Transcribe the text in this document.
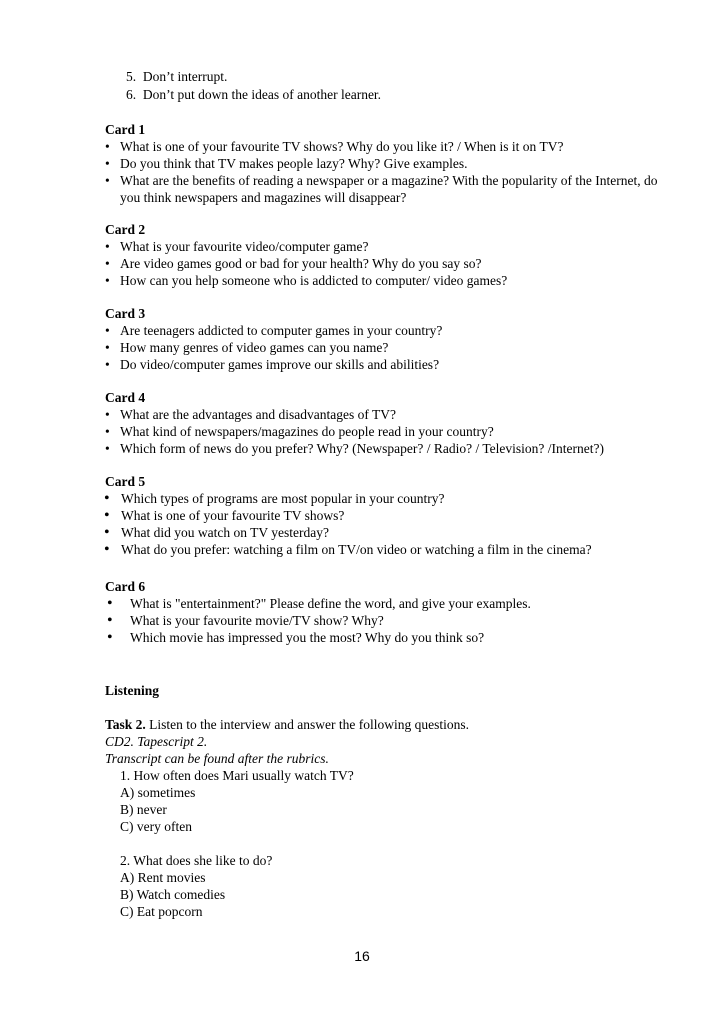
5. Don’t interrupt.
6. Don’t put down the ideas of another learner.
Card 1
• What is one of your favourite TV shows? Why do you like it? / When is it on TV?
• Do you think that TV makes people lazy? Why? Give examples.
• What are the benefits of reading a newspaper or a magazine? With the popularity of the Internet, do you think newspapers and magazines will disappear?
Card 2
• What is your favourite video/computer game?
• Are video games good or bad for your health? Why do you say so?
• How can you help someone who is addicted to computer/ video games?
Card 3
• Are teenagers addicted to computer games in your country?
• How many genres of video games can you name?
• Do video/computer games improve our skills and abilities?
Card 4
• What are the advantages and disadvantages of TV?
• What kind of newspapers/magazines do people read in your country?
• Which form of news do you prefer? Why? (Newspaper? / Radio? / Television? /Internet?)
Card 5
• Which types of programs are most popular in your country?
• What is one of your favourite TV shows?
• What did you watch on TV yesterday?
• What do you prefer: watching a film on TV/on video or watching a film in the cinema?
Card 6
• What is "entertainment?" Please define the word, and give your examples.
• What is your favourite movie/TV show? Why?
• Which movie has impressed you the most? Why do you think so?
Listening
Task 2. Listen to the interview and answer the following questions.
CD2. Tapescript 2.
Transcript can be found after the rubrics.
1. How often does Mari usually watch TV?
A) sometimes
B) never
C) very often
2. What does she like to do?
A) Rent movies
B) Watch comedies
C) Eat popcorn
16
